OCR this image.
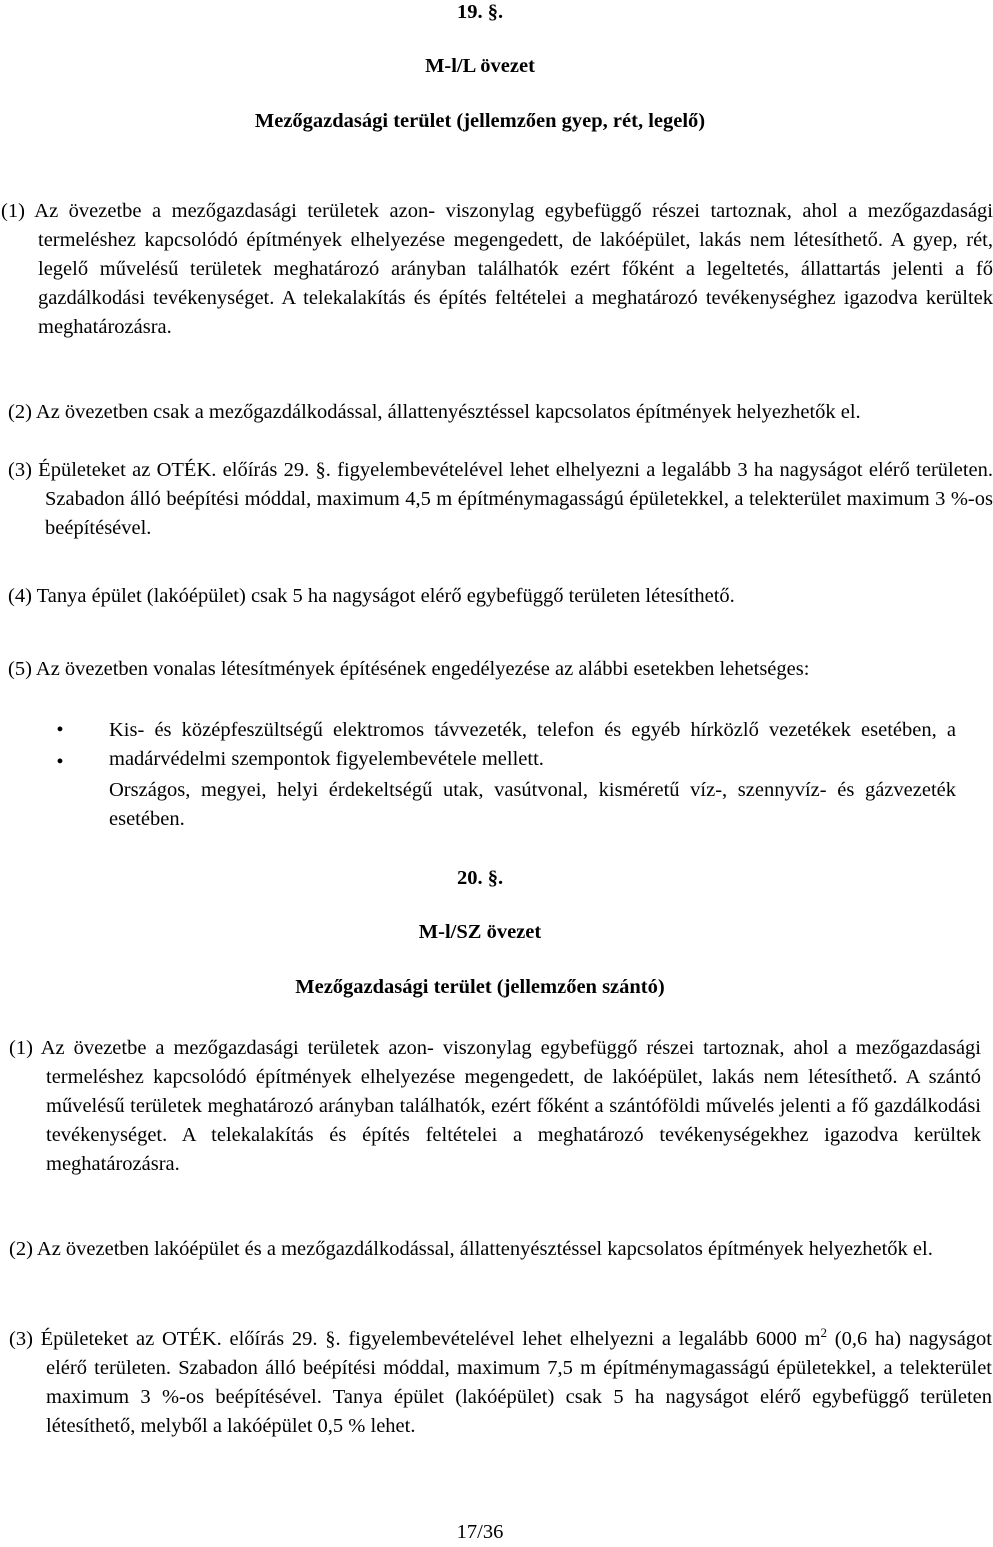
19. §.
M-l/L övezet
Mezőgazdasági terület (jellemzően gyep, rét, legelő)
(1) Az övezetbe a mezőgazdasági területek azon- viszonylag egybefüggő részei tartoznak, ahol a mezőgazdasági termeléshez kapcsolódó építmények elhelyezése megengedett, de lakóépület, lakás nem létesíthető. A gyep, rét, legelő művelésű területek meghatározó arányban találhatók ezért főként a legeltetés, állattartás jelenti a fő gazdálkodási tevékenységet. A telekalakítás és építés feltételei a meghatározó tevékenységhez igazodva kerültek meghatározásra.
(2) Az övezetben csak a mezőgazdálkodással, állattenyésztéssel kapcsolatos építmények helyezhetők el.
(3) Épületeket az OTÉK. előírás 29. §. figyelembevételével lehet elhelyezni a legalább 3 ha nagyságot elérő területen. Szabadon álló beépítési móddal, maximum 4,5 m építménymagasságú épületekkel, a telekterület maximum 3 %-os beépítésével.
(4) Tanya épület (lakóépület) csak 5 ha nagyságot elérő egybefüggő területen létesíthető.
(5) Az övezetben vonalas létesítmények építésének engedélyezése az alábbi esetekben lehetséges:
•	Kis- és középfeszültségű elektromos távvezeték, telefon és egyéb hírközlő vezetékek esetében, a madárvédelmi szempontok figyelembevétele mellett.
•
Országos, megyei, helyi érdekeltségű utak, vasútvonal, kisméretű víz-, szennyvíz- és gázvezeték esetében.
20. §.
M-l/SZ övezet
Mezőgazdasági terület (jellemzően szántó)
(1) Az övezetbe a mezőgazdasági területek azon- viszonylag egybefüggő részei tartoznak, ahol a mezőgazdasági termeléshez kapcsolódó építmények elhelyezése megengedett, de lakóépület, lakás nem létesíthető. A szántó művelésű területek meghatározó arányban találhatók, ezért főként a szántóföldi művelés jelenti a fő gazdálkodási tevékenységet. A telekalakítás és építés feltételei a meghatározó tevékenységekhez igazodva kerültek meghatározásra.
(2) Az övezetben lakóépület és a mezőgazdálkodással, állattenyésztéssel kapcsolatos építmények helyezhetők el.
(3) Épületeket az OTÉK. előírás 29. §. figyelembevételével lehet elhelyezni a legalább 6000 $m^2$ (0,6 ha) nagyságot elérő területen. Szabadon álló beépítési móddal, maximum 7,5 m építménymagasságú épületekkel, a telekterület maximum 3 %-os beépítésével. Tanya épület (lakóépület) csak 5 ha nagyságot elérő egybefüggő területen létesíthető, melyből a lakóépület 0,5 % lehet.
17/36
